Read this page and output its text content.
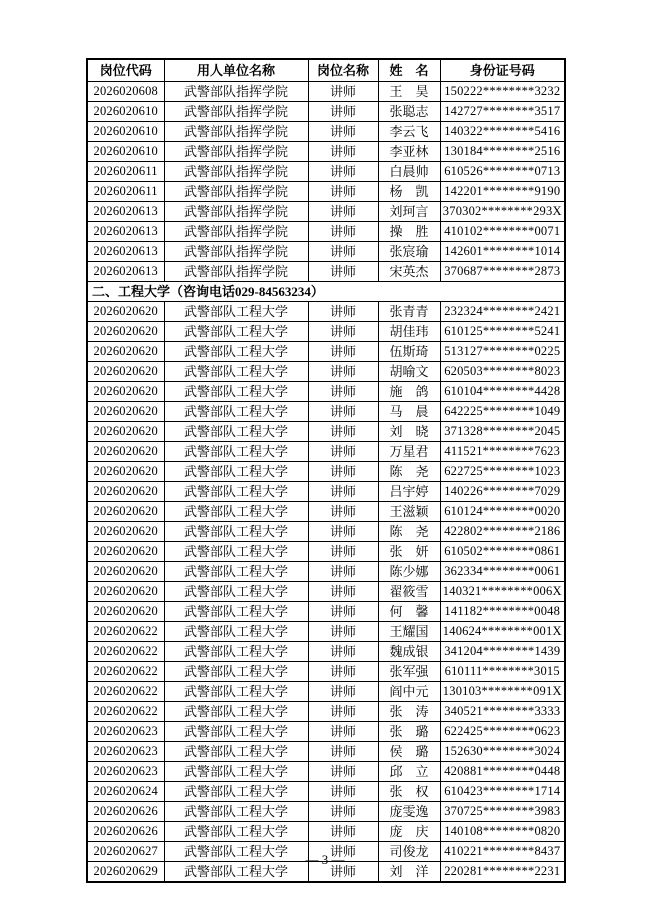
岗位代码	用人单位名称	岗位名称	姓　名	身份证号码
2026020608	武警部队指挥学院	讲师	王　昊	150222********3232
2026020610	武警部队指挥学院	讲师	张聪志	142727********3517
2026020610	武警部队指挥学院	讲师	李云飞	140322********5416
2026020610	武警部队指挥学院	讲师	李亚林	130184********2516
2026020611	武警部队指挥学院	讲师	白晨帅	610526********0713
2026020611	武警部队指挥学院	讲师	杨　凯	142201********9190
2026020613	武警部队指挥学院	讲师	刘珂言	370302********293X
2026020613	武警部队指挥学院	讲师	操　胜	410102********0071
2026020613	武警部队指挥学院	讲师	张宸瑜	142601********1014
2026020613	武警部队指挥学院	讲师	宋英杰	370687********2873
二、工程大学（咨询电话029-84563234）				
2026020620	武警部队工程大学	讲师	张青青	232324********2421
2026020620	武警部队工程大学	讲师	胡佳玮	610125********5241
2026020620	武警部队工程大学	讲师	伍斯琦	513127********0225
2026020620	武警部队工程大学	讲师	胡喻文	620503********8023
2026020620	武警部队工程大学	讲师	施　鸽	610104********4428
2026020620	武警部队工程大学	讲师	马　晨	642225********1049
2026020620	武警部队工程大学	讲师	刘　晓	371328********2045
2026020620	武警部队工程大学	讲师	万星君	411521********7623
2026020620	武警部队工程大学	讲师	陈　尧	622725********1023
2026020620	武警部队工程大学	讲师	吕宇婷	140226********7029
2026020620	武警部队工程大学	讲师	王滋颖	610124********0020
2026020620	武警部队工程大学	讲师	陈　尧	422802********2186
2026020620	武警部队工程大学	讲师	张　妍	610502********0861
2026020620	武警部队工程大学	讲师	陈少娜	362334********0061
2026020620	武警部队工程大学	讲师	翟筱雪	140321********006X
2026020620	武警部队工程大学	讲师	何　馨	141182********0048
2026020622	武警部队工程大学	讲师	王耀国	140624********001X
2026020622	武警部队工程大学	讲师	魏成银	341204********1439
2026020622	武警部队工程大学	讲师	张军强	610111********3015
2026020622	武警部队工程大学	讲师	阎中元	130103********091X
2026020622	武警部队工程大学	讲师	张　涛	340521********3333
2026020623	武警部队工程大学	讲师	张　璐	622425********0623
2026020623	武警部队工程大学	讲师	侯　璐	152630********3024
2026020623	武警部队工程大学	讲师	邱　立	420881********0448
2026020624	武警部队工程大学	讲师	张　权	610423********1714
2026020626	武警部队工程大学	讲师	庞雯逸	370725********3983
2026020626	武警部队工程大学	讲师	庞　庆	140108********0820
2026020627	武警部队工程大学	讲师	司俊龙	410221********8437
2026020629	武警部队工程大学	讲师	刘　洋	220281********2231
— 3 —
